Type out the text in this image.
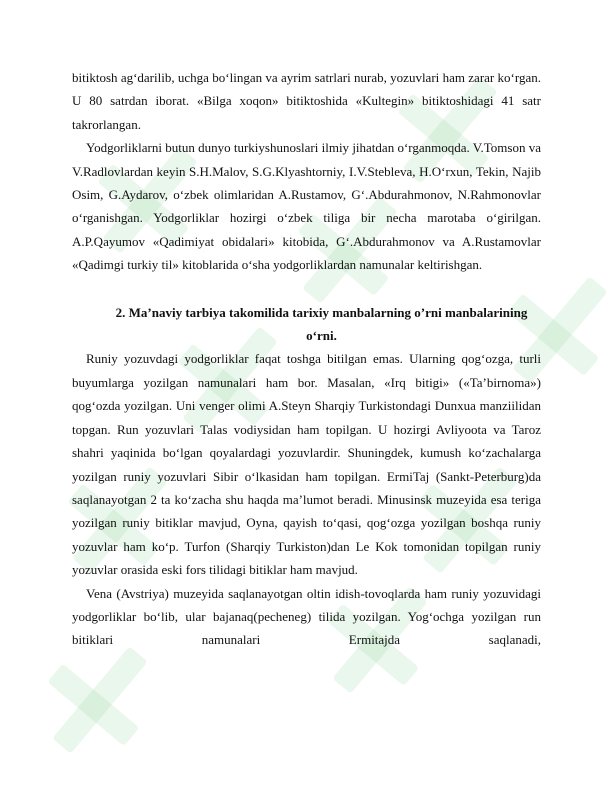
bitiktosh ag‘darilib, uchga bo‘lingan va ayrim satrlari nurab, yozuvlari ham zarar ko‘rgan. U 80 satrdan iborat. «Bilga xoqon» bitiktoshida «Kultegin» bitiktoshidagi 41 satr takrorlangan.

Yodgorliklarni butun dunyo turkiyshunoslari ilmiy jihatdan o‘rganmoqda. V.Tomson va V.Radlovlardan keyin S.H.Malov, S.G.Klyashtorniy, I.V.Stebleva, H.O‘rxun, Tekin, Najib Osim, G.Aydarov, o‘zbek olimlaridan A.Rustamov, G‘.Abdurahmonov, N.Rahmonovlar o‘rganishgan. Yodgorliklar hozirgi o‘zbek tiliga bir necha marotaba o‘girilgan. A.P.Qayumov «Qadimiyat obidalari» kitobida, G‘.Abdurahmonov va A.Rustamovlar «Qadimgi turkiy til» kitoblarida o‘sha yodgorliklardan namunalar keltirishgan.

2. Ma’naviy tarbiya takomilida tarixiy manbalarning o’rni manbalarining o‘rni.

Runiy yozuvdagi yodgorliklar faqat toshga bitilgan emas. Ularning qog‘ozga, turli buyumlarga yozilgan namunalari ham bor. Masalan, «Irq bitigi» («Ta’birnoma») qog‘ozda yozilgan. Uni venger olimi A.Steyn Sharqiy Turkistondagi Dunxua manziilidan topgan. Run yozuvlari Talas vodiysidan ham topilgan. U hozirgi Avliyoota va Taroz shahri yaqinida bo‘lgan qoyalardagi yozuvlardir. Shuningdek, kumush ko‘zachalarga yozilgan runiy yozuvlari Sibir o‘lkasidan ham topilgan. ErmiTaj (Sankt-Peterburg)da saqlanayotgan 2 ta ko‘zacha shu haqda ma’lumot beradi. Minusinsk muzeyida esa teriga yozilgan runiy bitiklar mavjud, Oyna, qayish to‘qasi, qog‘ozga yozilgan boshqa runiy yozuvlar ham ko‘p. Turfon (Sharqiy Turkiston)dan Le Kok tomonidan topilgan runiy yozuvlar orasida eski fors tilidagi bitiklar ham mavjud.

Vena (Avstriya) muzeyida saqlanayotgan oltin idish-tovoqlarda ham runiy yozuvidagi yodgorliklar bo‘lib, ular bajanaq(pecheneg) tilida yozilgan. Yog‘ochga yozilgan run bitiklari namunalari Ermitajda saqlanadi,
